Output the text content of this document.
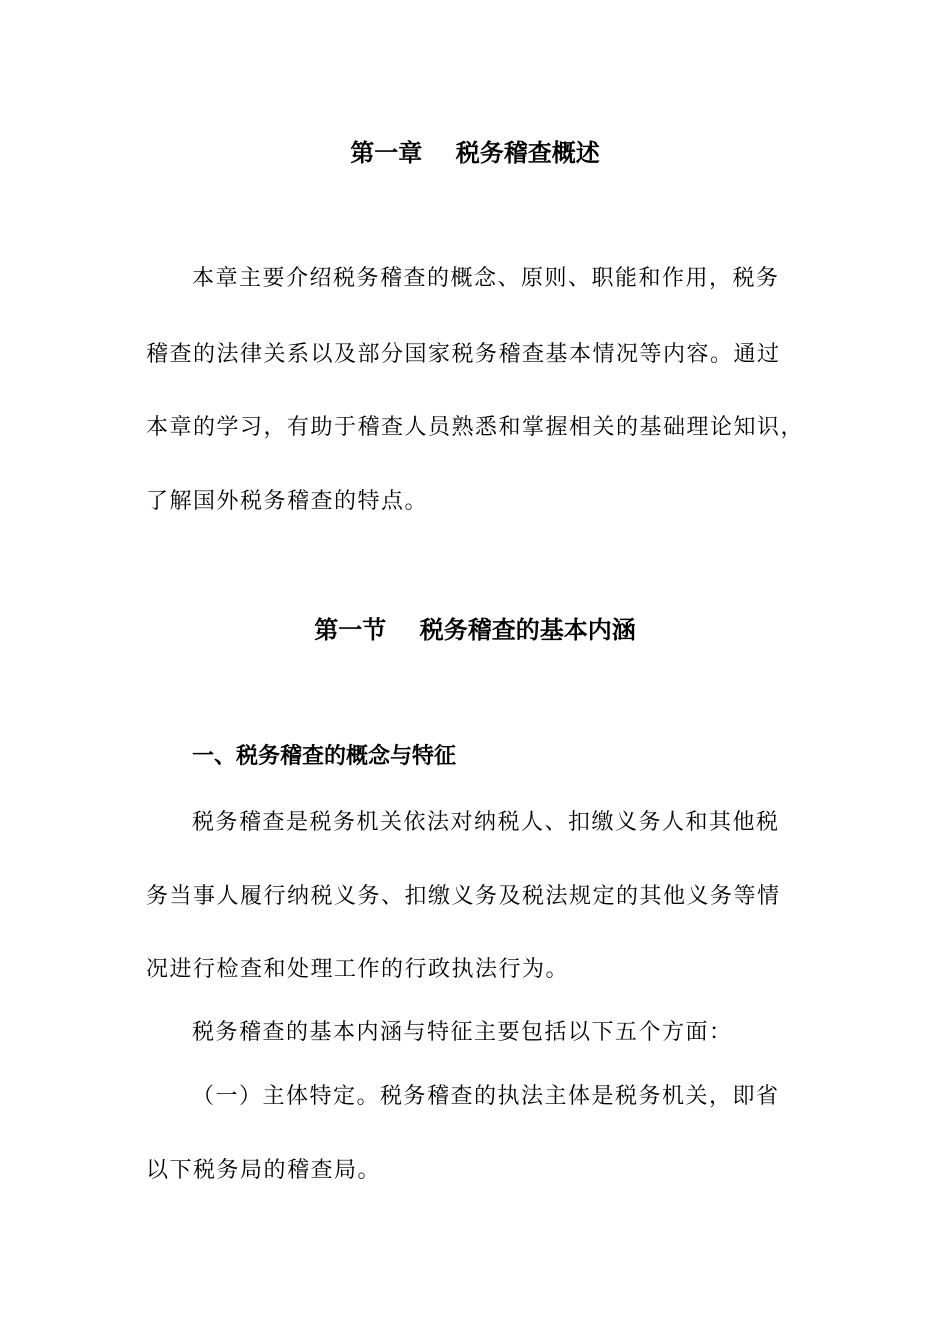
第一章    税务稽查概述
本章主要介绍税务稽查的概念、原则、职能和作用，税务
稽查的法律关系以及部分国家税务稽查基本情况等内容。通过
本章的学习，有助于稽查人员熟悉和掌握相关的基础理论知识，
了解国外税务稽查的特点。
第一节    税务稽查的基本内涵
一、税务稽查的概念与特征
税务稽查是税务机关依法对纳税人、扣缴义务人和其他税
务当事人履行纳税义务、扣缴义务及税法规定的其他义务等情
况进行检查和处理工作的行政执法行为。
税务稽查的基本内涵与特征主要包括以下五个方面：
（一）主体特定。税务稽查的执法主体是税务机关，即省
以下税务局的稽查局。
